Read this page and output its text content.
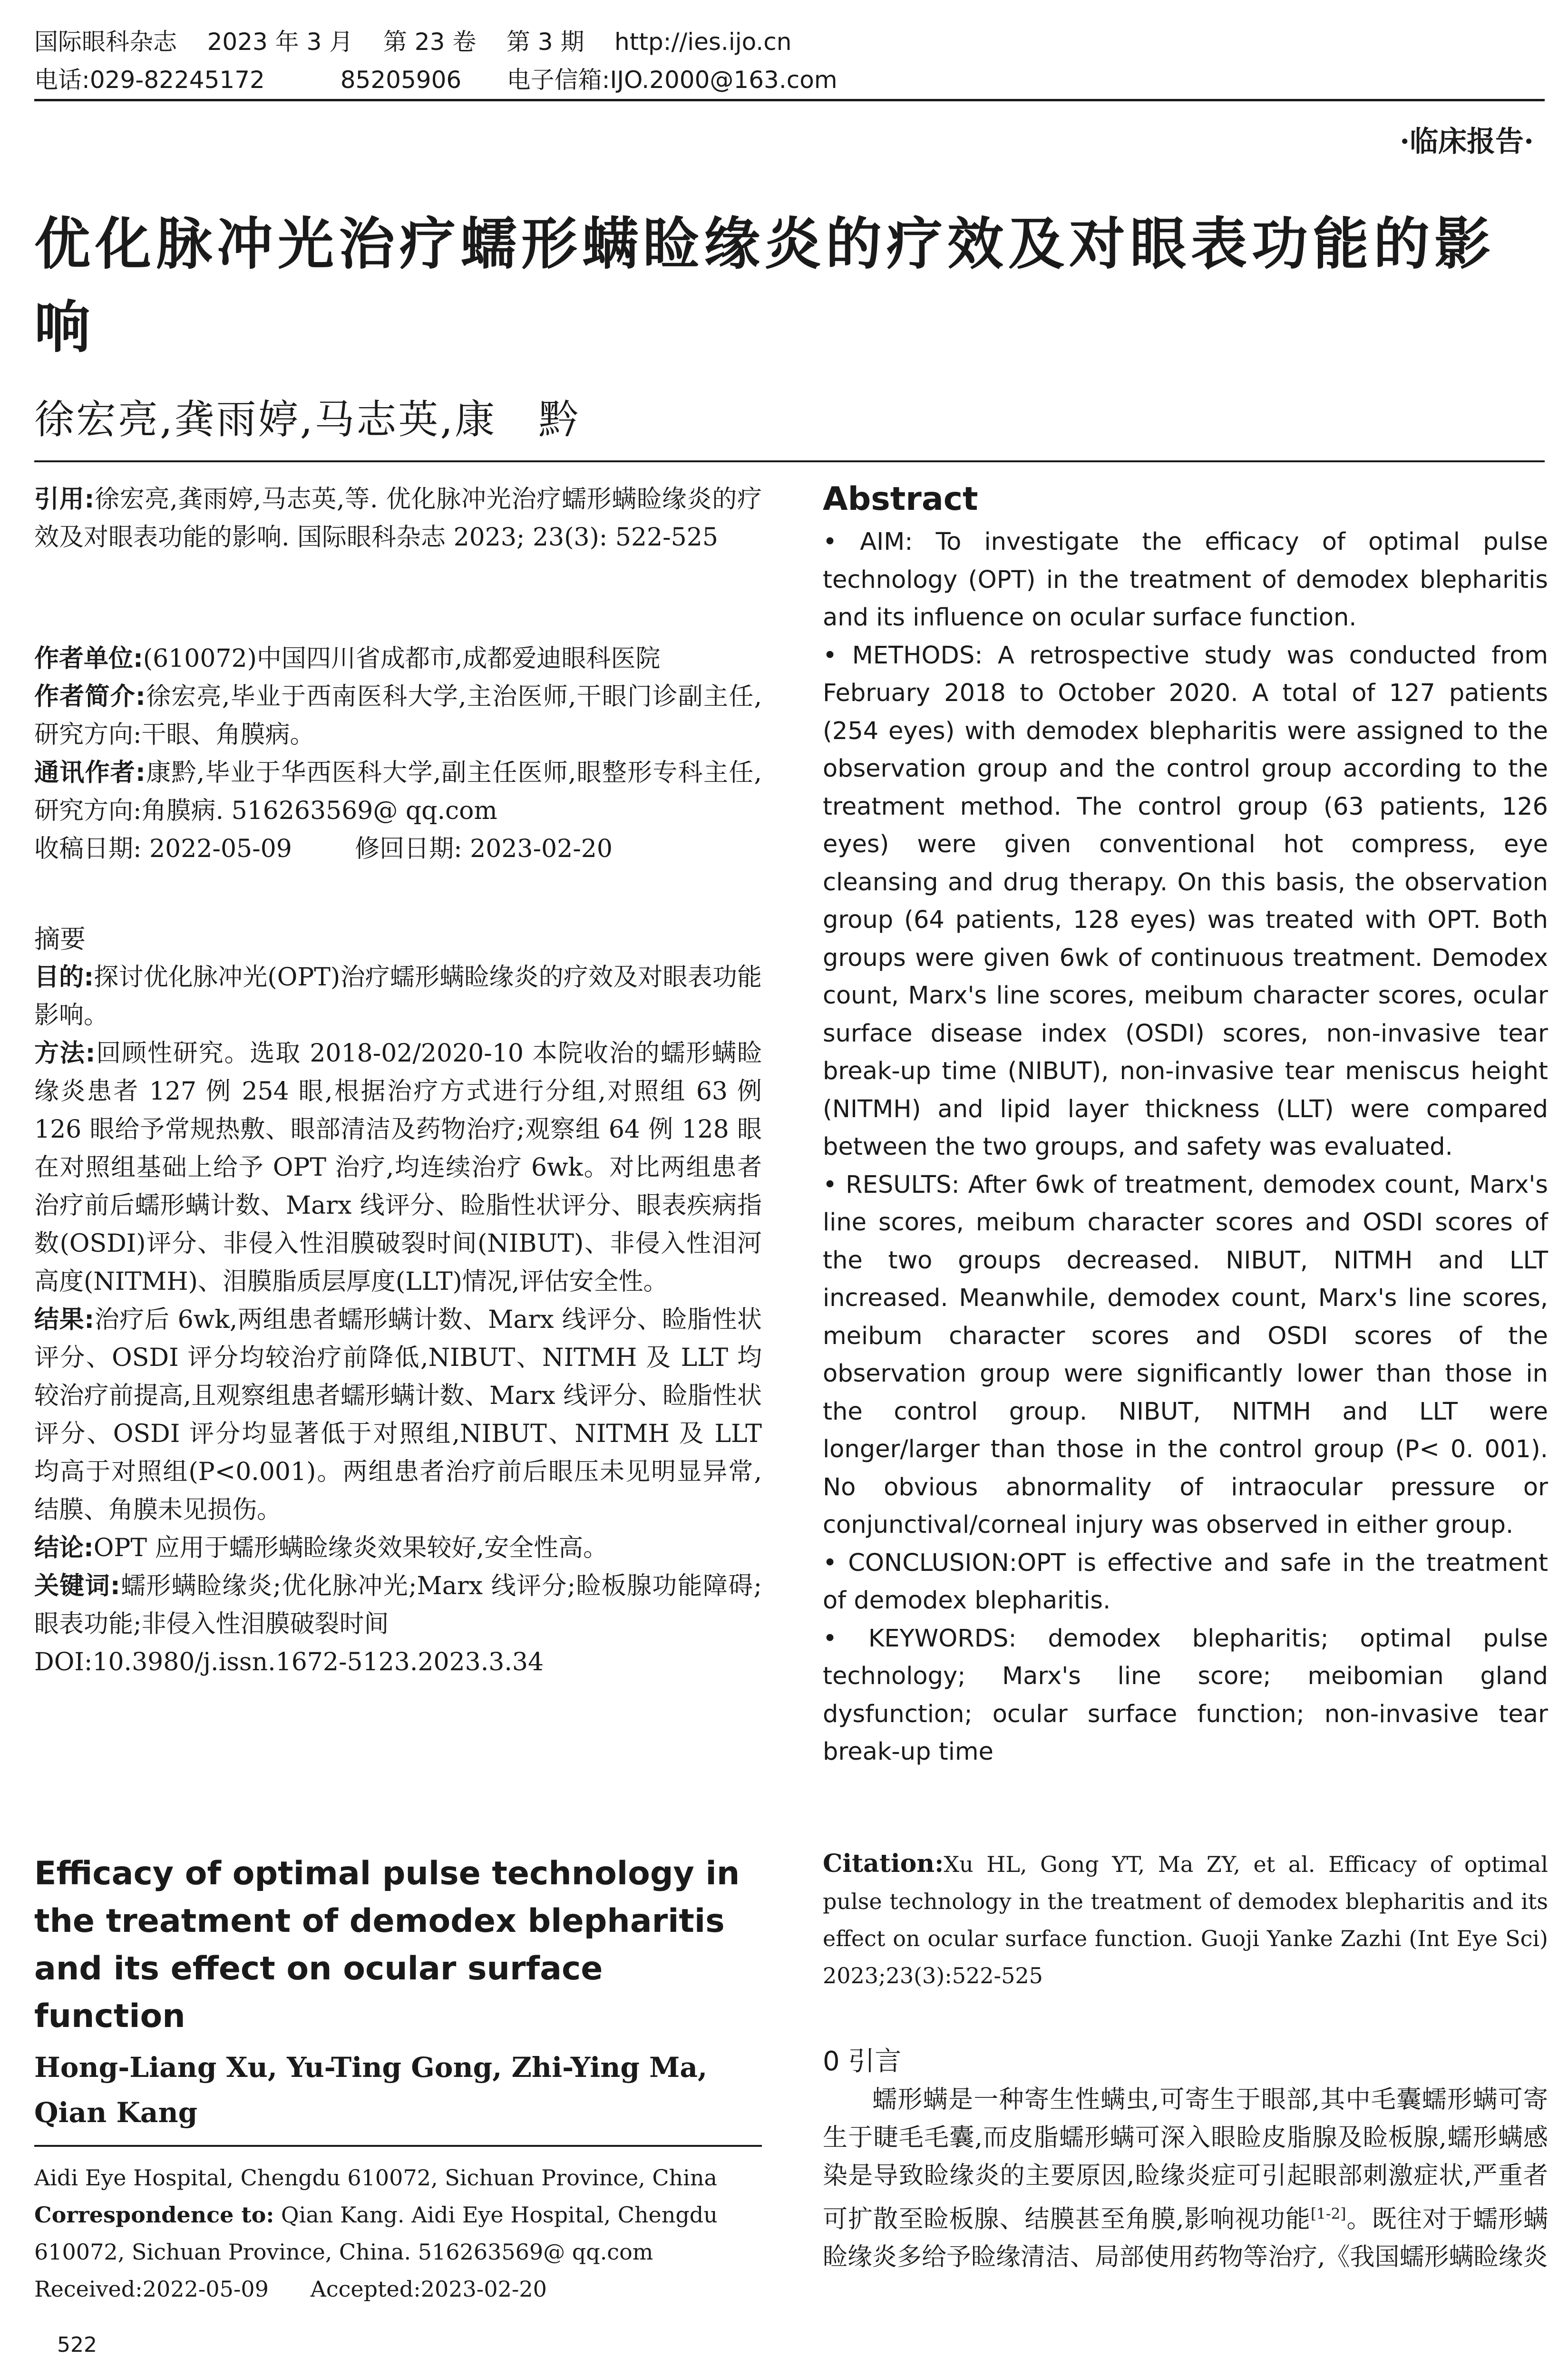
国际眼科杂志    2023 年 3 月    第 23 卷    第 3 期    http://ies.ijo.cn
电话:029-82245172          85205906      电子信箱:IJO.2000@163.com
·临床报告·
优化脉冲光治疗蠕形螨睑缘炎的疗效及对眼表功能的影响
徐宏亮,龚雨婷,马志英,康　黔
引用:徐宏亮,龚雨婷,马志英,等. 优化脉冲光治疗蠕形螨睑缘炎的疗效及对眼表功能的影响. 国际眼科杂志 2023; 23(3): 522-525
作者单位:(610072)中国四川省成都市,成都爱迪眼科医院
作者简介:徐宏亮,毕业于西南医科大学,主治医师,干眼门诊副主任,研究方向:干眼、角膜病。
通讯作者:康黔,毕业于华西医科大学,副主任医师,眼整形专科主任,研究方向:角膜病. 516263569@ qq.com
收稿日期: 2022-05-09        修回日期: 2023-02-20
摘要
目的:探讨优化脉冲光(OPT)治疗蠕形螨睑缘炎的疗效及对眼表功能影响。
方法:回顾性研究。选取 2018-02/2020-10 本院收治的蠕形螨睑缘炎患者 127 例 254 眼,根据治疗方式进行分组,对照组 63 例 126 眼给予常规热敷、眼部清洁及药物治疗;观察组 64 例 128 眼在对照组基础上给予 OPT 治疗,均连续治疗 6wk。对比两组患者治疗前后蠕形螨计数、Marx 线评分、睑脂性状评分、眼表疾病指数(OSDI)评分、非侵入性泪膜破裂时间(NIBUT)、非侵入性泪河高度(NITMH)、泪膜脂质层厚度(LLT)情况,评估安全性。
结果:治疗后 6wk,两组患者蠕形螨计数、Marx 线评分、睑脂性状评分、OSDI 评分均较治疗前降低,NIBUT、NITMH 及 LLT 均较治疗前提高,且观察组患者蠕形螨计数、Marx 线评分、睑脂性状评分、OSDI 评分均显著低于对照组,NIBUT、NITMH 及 LLT 均高于对照组(P<0.001)。两组患者治疗前后眼压未见明显异常,结膜、角膜未见损伤。
结论:OPT 应用于蠕形螨睑缘炎效果较好,安全性高。
关键词:蠕形螨睑缘炎;优化脉冲光;Marx 线评分;睑板腺功能障碍;眼表功能;非侵入性泪膜破裂时间
DOI:10.3980/j.issn.1672-5123.2023.3.34
Efficacy of optimal pulse technology in the treatment of demodex blepharitis and its effect on ocular surface function
Hong-Liang Xu, Yu-Ting Gong, Zhi-Ying Ma, Qian Kang
Aidi Eye Hospital, Chengdu 610072, Sichuan Province, China
Correspondence to: Qian Kang. Aidi Eye Hospital, Chengdu 610072, Sichuan Province, China. 516263569@ qq.com
Received:2022-05-09      Accepted:2023-02-20
Abstract

• AIM: To investigate the efficacy of optimal pulse technology (OPT) in the treatment of demodex blepharitis and its influence on ocular surface function.

• METHODS: A retrospective study was conducted from February 2018 to October 2020. A total of 127 patients (254 eyes) with demodex blepharitis were assigned to the observation group and the control group according to the treatment method. The control group (63 patients, 126 eyes) were given conventional hot compress, eye cleansing and drug therapy. On this basis, the observation group (64 patients, 128 eyes) was treated with OPT. Both groups were given 6wk of continuous treatment. Demodex count, Marx's line scores, meibum character scores, ocular surface disease index (OSDI) scores, non-invasive tear break-up time (NIBUT), non-invasive tear meniscus height (NITMH) and lipid layer thickness (LLT) were compared between the two groups, and safety was evaluated.

• RESULTS: After 6wk of treatment, demodex count, Marx's line scores, meibum character scores and OSDI scores of the two groups decreased. NIBUT, NITMH and LLT increased. Meanwhile, demodex count, Marx's line scores, meibum character scores and OSDI scores of the observation group were significantly lower than those in the control group. NIBUT, NITMH and LLT were longer/larger than those in the control group (P< 0. 001). No obvious abnormality of intraocular pressure or conjunctival/corneal injury was observed in either group.

• CONCLUSION:OPT is effective and safe in the treatment of demodex blepharitis.

• KEYWORDS: demodex blepharitis; optimal pulse technology; Marx's line score; meibomian gland dysfunction; ocular surface function; non-invasive tear break-up time

Citation:Xu HL, Gong YT, Ma ZY, et al. Efficacy of optimal pulse technology in the treatment of demodex blepharitis and its effect on ocular surface function. Guoji Yanke Zazhi (Int Eye Sci) 2023;23(3):522-525
0 引言
蠕形螨是一种寄生性螨虫,可寄生于眼部,其中毛囊蠕形螨可寄生于睫毛毛囊,而皮脂蠕形螨可深入眼睑皮脂腺及睑板腺,蠕形螨感染是导致睑缘炎的主要原因,睑缘炎症可引起眼部刺激症状,严重者可扩散至睑板腺、结膜甚至角膜,影响视功能[1-2]。既往对于蠕形螨睑缘炎多给予睑缘清洁、局部使用药物等治疗,《我国蠕形螨睑缘炎
522
